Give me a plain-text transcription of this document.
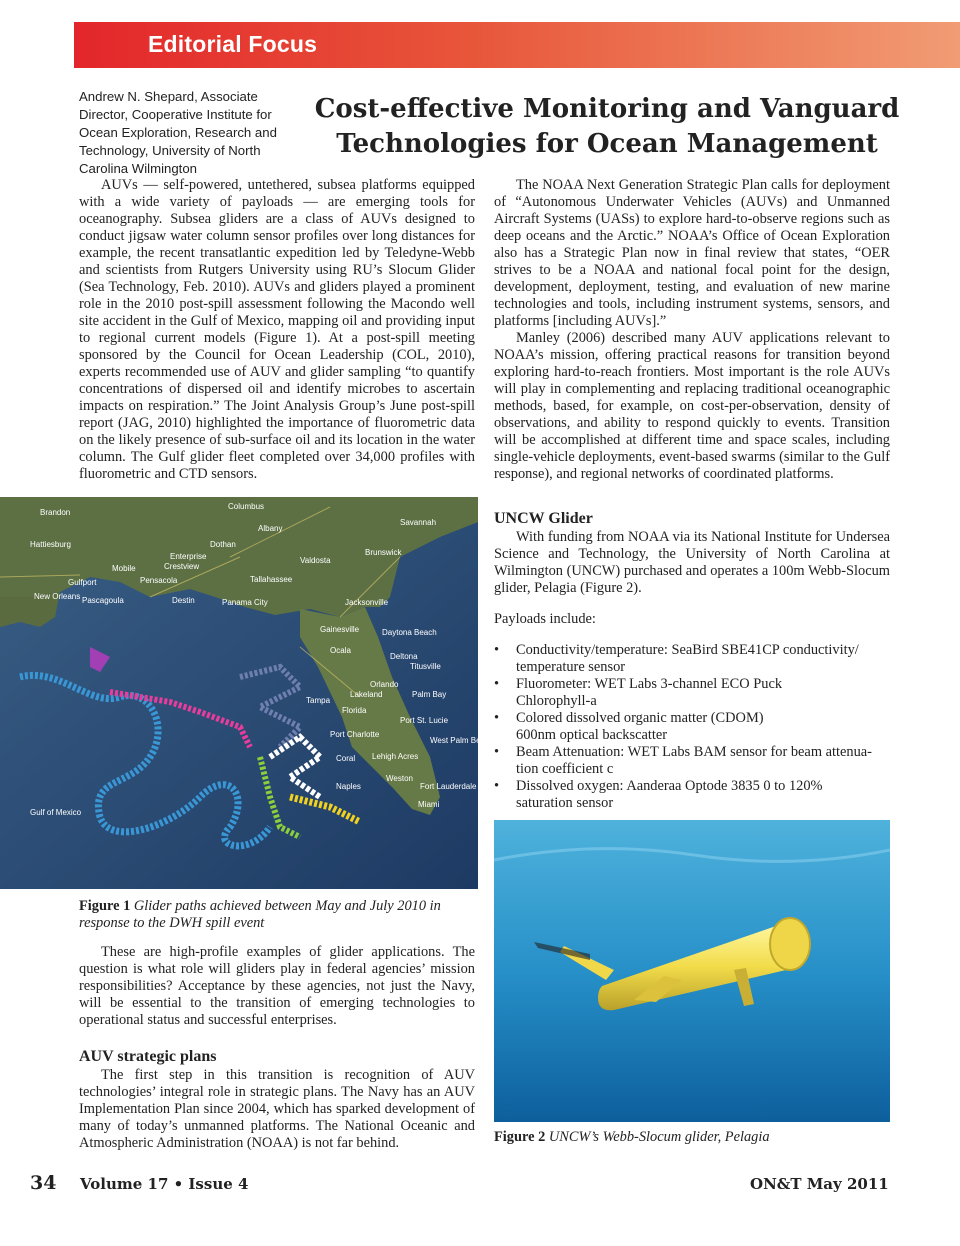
Editorial Focus
Andrew N. Shepard, Associate Director, Cooperative Institute for Ocean Exploration, Research and Technology, University of North Carolina Wilmington
Cost-effective Monitoring and Vanguard
Technologies for Ocean Management

AUVs — self-powered, untethered, subsea platforms equipped with a wide variety of payloads — are emerging tools for oceanography. Subsea gliders are a class of AUVs designed to conduct jigsaw water column sensor profiles over long distances for example, the recent transatlantic expedition led by Teledyne-Webb and scientists from Rutgers University using RU’s Slocum Glider (Sea Technology, Feb. 2010). AUVs and gliders played a prominent role in the 2010 post-spill assessment following the Macondo well site accident in the Gulf of Mexico, mapping oil and providing input to regional current models (Figure 1). At a post-spill meeting sponsored by the Council for Ocean Leadership (COL, 2010), experts recommended use of AUV and glider sampling “to quantify concentrations of dispersed oil and identify microbes to ascertain impacts on respiration.” The Joint Analysis Group’s June post-spill report (JAG, 2010) highlighted the importance of fluorometric data on the likely presence of sub-surface oil and its location in the water column. The Gulf glider fleet completed over 34,000 profiles with fluorometric and CTD sensors.

The NOAA Next Generation Strategic Plan calls for deployment of “Autonomous Underwater Vehicles (AUVs) and Unmanned Aircraft Systems (UASs) to explore hard-to-observe regions such as deep oceans and the Arctic.” NOAA’s Office of Ocean Exploration also has a Strategic Plan now in final review that states, “OER strives to be a NOAA and national focal point for the design, development, deployment, testing, and evaluation of new marine technologies and tools, including instrument systems, sensors, and platforms [including AUVs].”

Manley (2006) described many AUV applications relevant to NOAA’s mission, offering practical reasons for transition beyond exploring hard-to-reach frontiers. Most important is the role AUVs will play in complementing and replacing traditional oceanographic methods, based, for example, on cost-per-observation, density of observations, and ability to respond quickly to events. Transition will be accomplished at different time and space scales, including single-vehicle deployments, event-based swarms (similar to the Gulf response), and regional networks of coordinated platforms.

Brandon
Columbus
Albany
Savannah
Hattiesburg	Dothan
Valdosta
Brunswick
Enterprise
Crestview
Mobile
Pensacola	Tallahassee
Jacksonville
Gulfport
Pascagoula	Destin	Panama City
New Orleans
Gainesville	Daytona Beach
Ocala
Deltona
Titusville
Orlando
Tampa
Lakeland	Palm Bay
Florida
Port St. Lucie
Port Charlotte
West Palm Beach
Coral Lehigh Acres
Naples
Weston
Fort Lauderdale
Miami
Gulf of Mexico
Figure 1 Glider paths achieved between May and July 2010 in response to the DWH spill event

These are high-profile examples of glider applications. The question is what role will gliders play in federal agencies’ mission responsibilities? Acceptance by these agencies, not just the Navy, will be essential to the transition of emerging technologies to operational status and successful enterprises.

AUV strategic plans

The first step in this transition is recognition of AUV technologies’ integral role in strategic plans. The Navy has an AUV Implementation Plan since 2004, which has sparked development of many of today’s unmanned platforms. The National Oceanic and Atmospheric Administration (NOAA) is not far behind.

UNCW Glider

With funding from NOAA via its National Institute for Undersea Science and Technology, the University of North Carolina at Wilmington (UNCW) purchased and operates a 100m Webb-Slocum glider, Pelagia (Figure 2).

Payloads include:

• Conductivity/temperature: SeaBird SBE41CP conductivity/
temperature sensor
• Fluorometer: WET Labs 3-channel ECO Puck
Chlorophyll-a
• Colored dissolved organic matter (CDOM)
600nm optical backscatter
• Beam Attenuation: WET Labs BAM sensor for beam attenua-
tion coefficient c
• Dissolved oxygen: Aanderaa Optode 3835 0 to 120%
saturation sensor
Figure 2 UNCW’s Webb-Slocum glider, Pelagia
34 Volume 17 • Issue 4	ON&T May 2011
